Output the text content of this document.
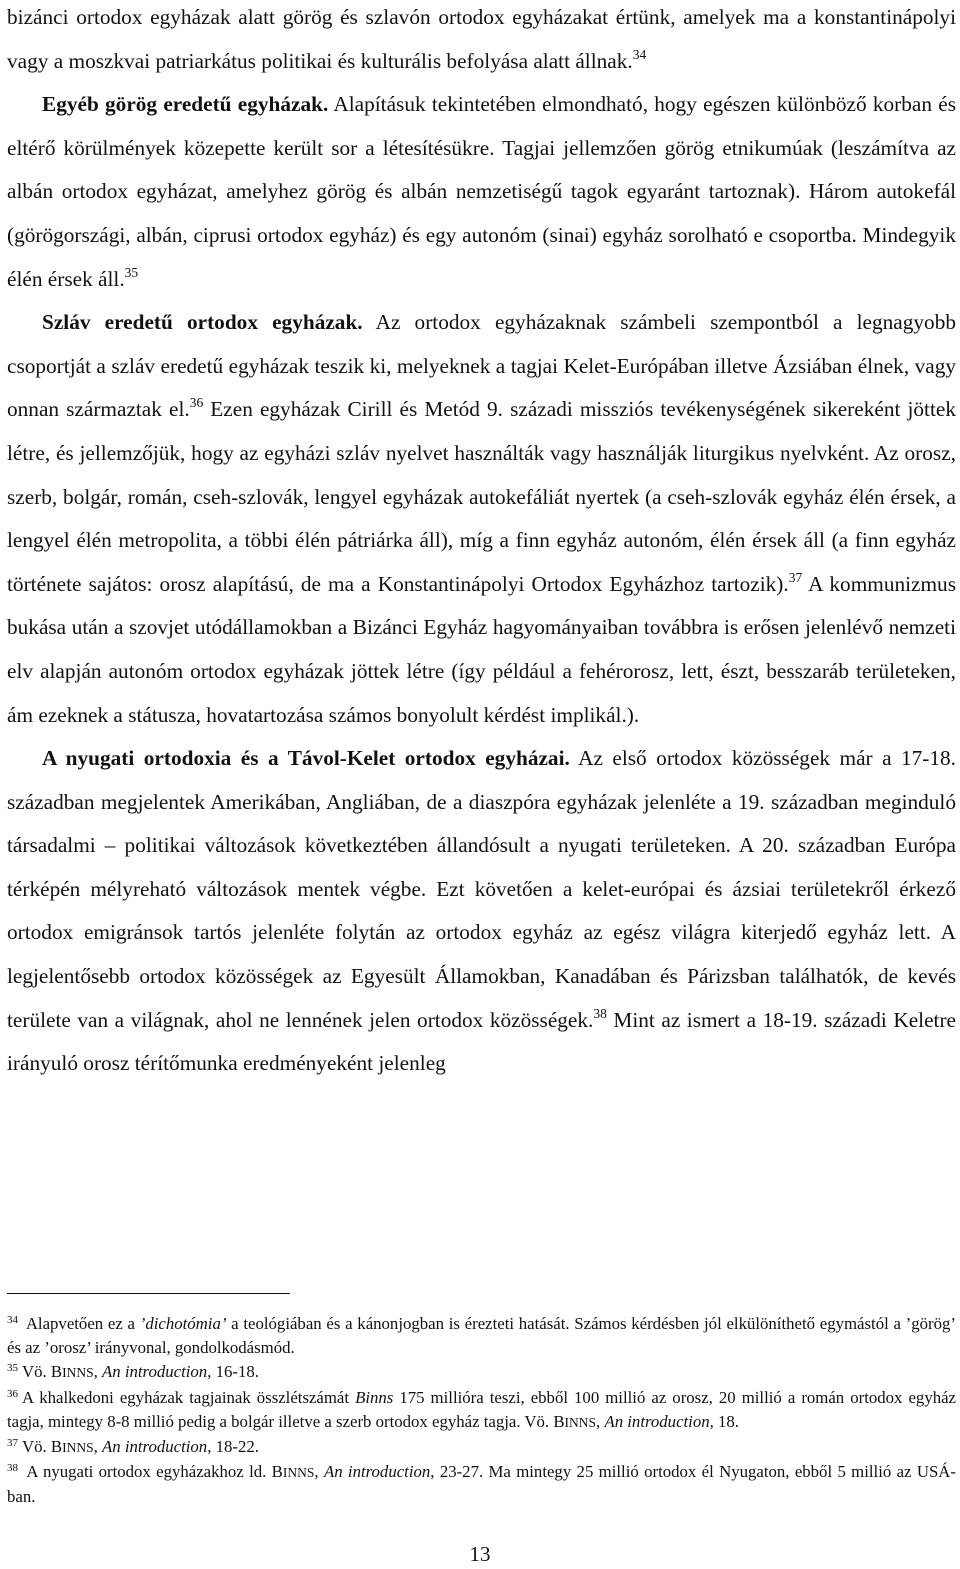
bizánci ortodox egyházak alatt görög és szlavón ortodox egyházakat értünk, amelyek ma a konstantinápolyi vagy a moszkvai patriarkátus politikai és kulturális befolyása alatt állnak.$^{34}$

Egyéb görög eredetű egyházak. Alapításuk tekintetében elmondható, hogy egészen különböző korban és eltérő körülmények közepette került sor a létesítésükre. Tagjai jellemzően görög etnikumúak (leszámítva az albán ortodox egyházat, amelyhez görög és albán nemzetiségű tagok egyaránt tartoznak). Három autokefál (görögországi, albán, ciprusi ortodox egyház) és egy autonóm (sinai) egyház sorolható e csoportba. Mindegyik élén érsek áll.$^{35}$

Szláv eredetű ortodox egyházak. Az ortodox egyházaknak számbeli szempontból a legnagyobb csoportját a szláv eredetű egyházak teszik ki, melyeknek a tagjai Kelet-Európában illetve Ázsiában élnek, vagy onnan származtak el.$^{36}$ Ezen egyházak Cirill és Metód 9. századi missziós tevékenységének sikereként jöttek létre, és jellemzőjük, hogy az egyházi szláv nyelvet használták vagy használják liturgikus nyelvként. Az orosz, szerb, bolgár, román, cseh-szlovák, lengyel egyházak autokefáliát nyertek (a cseh-szlovák egyház élén érsek, a lengyel élén metropolita, a többi élén pátriárka áll), míg a finn egyház autonóm, élén érsek áll (a finn egyház története sajátos: orosz alapítású, de ma a Konstantinápolyi Ortodox Egyházhoz tartozik).$^{37}$ A kommunizmus bukása után a szovjet utódállamokban a Bizánci Egyház hagyományaiban továbbra is erősen jelenlévő nemzeti elv alapján autonóm ortodox egyházak jöttek létre (így például a fehérorosz, lett, észt, besszaráb területeken, ám ezeknek a státusza, hovatartozása számos bonyolult kérdést implikál.).

A nyugati ortodoxia és a Távol-Kelet ortodox egyházai. Az első ortodox közösségek már a 17-18. században megjelentek Amerikában, Angliában, de a diaszpóra egyházak jelenléte a 19. században meginduló társadalmi – politikai változások következtében állandósult a nyugati területeken. A 20. században Európa térképén mélyreható változások mentek végbe. Ezt követően a kelet-európai és ázsiai területekről érkező ortodox emigránsok tartós jelenléte folytán az ortodox egyház az egész világra kiterjedő egyház lett. A legjelentősebb ortodox közösségek az Egyesült Államokban, Kanadában és Párizsban találhatók, de kevés területe van a világnak, ahol ne lennének jelen ortodox közösségek.$^{38}$ Mint az ismert a 18-19. századi Keletre irányuló orosz térítőmunka eredményeként jelenleg

$^{34}$ Alapvetően ez a ’dichotómia’ a teológiában és a kánonjogban is érezteti hatását. Számos kérdésben jól elkülöníthető egymástól a ’görög’ és az ’orosz’ irányvonal, gondolkodásmód.

$^{35}$ Vö. BINNS, An introduction, 16-18.

$^{36}$ A khalkedoni egyházak tagjainak összlétszámát Binns 175 millióra teszi, ebből 100 millió az orosz, 20 millió a román ortodox egyház tagja, mintegy 8-8 millió pedig a bolgár illetve a szerb ortodox egyház tagja. Vö. BINNS, An introduction, 18.

$^{37}$ Vö. BINNS, An introduction, 18-22.

$^{38}$ A nyugati ortodox egyházakhoz ld. BINNS, An introduction, 23-27. Ma mintegy 25 millió ortodox él Nyugaton, ebből 5 millió az USÁ-ban.

13
